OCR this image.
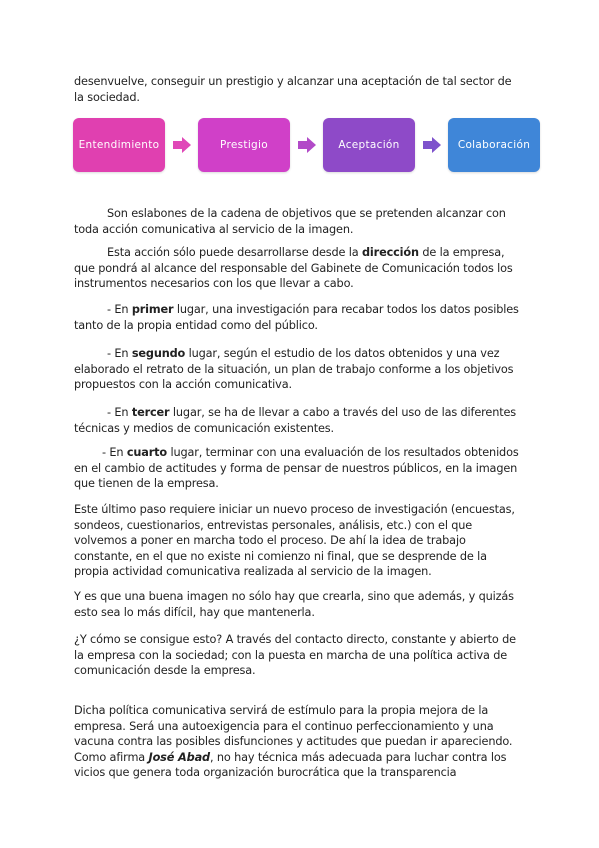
desenvuelve, conseguir un prestigio y alcanzar una aceptación de tal sector de la sociedad.

Entendimiento	Prestigio	Aceptación	Colaboración

Son eslabones de la cadena de objetivos que se pretenden alcanzar con toda acción comunicativa al servicio de la imagen.

Esta acción sólo puede desarrollarse desde la dirección de la empresa, que pondrá al alcance del responsable del Gabinete de Comunicación todos los instrumentos necesarios con los que llevar a cabo.

- En primer lugar, una investigación para recabar todos los datos posibles tanto de la propia entidad como del público.

- En segundo lugar, según el estudio de los datos obtenidos y una vez elaborado el retrato de la situación, un plan de trabajo conforme a los objetivos propuestos con la acción comunicativa.

- En tercer lugar, se ha de llevar a cabo a través del uso de las diferentes técnicas y medios de comunicación existentes.

- En cuarto lugar, terminar con una evaluación de los resultados obtenidos en el cambio de actitudes y forma de pensar de nuestros públicos, en la imagen que tienen de la empresa.

Este último paso requiere iniciar un nuevo proceso de investigación (encuestas, sondeos, cuestionarios, entrevistas personales, análisis, etc.) con el que volvemos a poner en marcha todo el proceso. De ahí la idea de trabajo constante, en el que no existe ni comienzo ni final, que se desprende de la propia actividad comunicativa realizada al servicio de la imagen.

Y es que una buena imagen no sólo hay que crearla, sino que además, y quizás esto sea lo más difícil, hay que mantenerla.

¿Y cómo se consigue esto? A través del contacto directo, constante y abierto de la empresa con la sociedad; con la puesta en marcha de una política activa de comunicación desde la empresa.

Dicha política comunicativa servirá de estímulo para la propia mejora de la empresa. Será una autoexigencia para el continuo perfeccionamiento y una vacuna contra las posibles disfunciones y actitudes que puedan ir apareciendo. Como afirma José Abad, no hay técnica más adecuada para luchar contra los vicios que genera toda organización burocrática que la transparencia
